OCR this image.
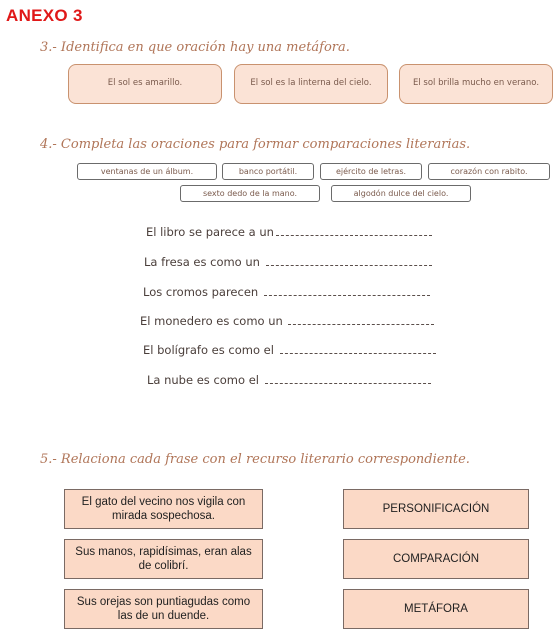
ANEXO 3
3.- Identifica en que oración hay una metáfora.
El sol es amarillo.	El sol es la linterna del cielo.	El sol brilla mucho en verano.
4.- Completa las oraciones para formar comparaciones literarias.
ventanas de un álbum.	banco portátil.	ejército de letras.	corazón con rabito.
sexto dedo de la mano.	algodón dulce del cielo.
El libro se parece a un
La fresa es como un
Los cromos parecen
El monedero es como un
El bolígrafo es como el
La nube es como el
5.- Relaciona cada frase con el recurso literario correspondiente.
El gato del vecino nos vigila con mirada sospechosa.
Sus manos, rapidísimas, eran alas de colibrí.
Sus orejas son puntiagudas como las de un duende.
PERSONIFICACIÓN
COMPARACIÓN
METÁFORA
